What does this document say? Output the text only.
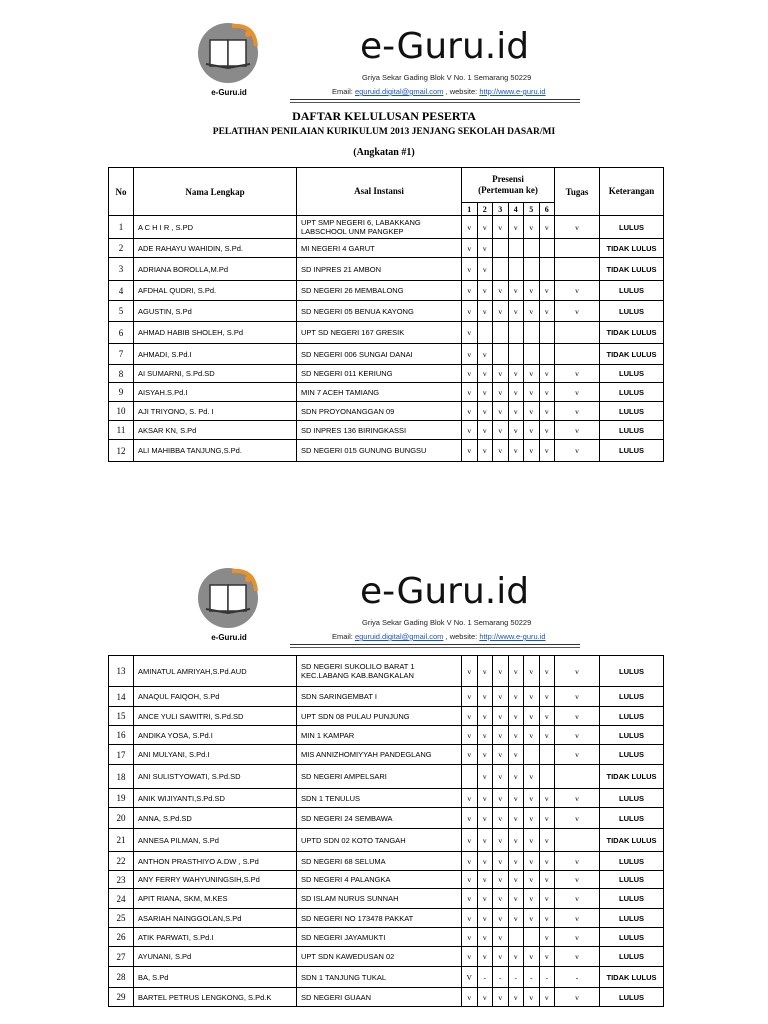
e-Guru.id
e-Guru.id
Griya Sekar Gading Blok V No. 1 Semarang 50229
Email: eguruid.digital@gmail.com , website: http://www.e-guru.id
DAFTAR KELULUSAN PESERTA
PELATIHAN PENILAIAN KURIKULUM 2013 JENJANG SEKOLAH DASAR/MI
(Angkatan #1)
No	Nama Lengkap	Asal Instansi	Presensi
(Pertemuan ke)						Tugas	Keterangan
			1	2	3	4	5	6		
1	A C H I R , S.PD	UPT SMP NEGERI 6, LABAKKANG LABSCHOOL UNM PANGKEP	v	v	v	v	v	v	v	LULUS
2	ADE RAHAYU WAHIDIN, S.Pd.	MI NEGERI 4 GARUT	v	v						TIDAK LULUS
3	ADRIANA BOROLLA,M.Pd	SD INPRES 21 AMBON	v	v						TIDAK LULUS
4	AFDHAL QUDRI, S.Pd.	SD NEGERI 26 MEMBALONG	v	v	v	v	v	v	v	LULUS
5	AGUSTIN, S.Pd	SD NEGERI 05 BENUA KAYONG	v	v	v	v	v	v	v	LULUS
6	AHMAD HABIB SHOLEH, S.Pd	UPT SD NEGERI 167 GRESIK	v							TIDAK LULUS
7	AHMADI, S.Pd.I	SD NEGERI 006 SUNGAI DANAI	v	v						TIDAK LULUS
8	AI SUMARNI, S.Pd.SD	SD NEGERI 011 KERIUNG	v	v	v	v	v	v	v	LULUS
9	AISYAH.S.Pd.I	MIN 7 ACEH TAMIANG	v	v	v	v	v	v	v	LULUS
10	AJI TRIYONO, S. Pd. I	SDN PROYONANGGAN 09	v	v	v	v	v	v	v	LULUS
11	AKSAR KN, S.Pd	SD INPRES 136 BIRINGKASSI	v	v	v	v	v	v	v	LULUS
12	ALI MAHIBBA TANJUNG,S.Pd.	SD NEGERI 015 GUNUNG BUNGSU	v	v	v	v	v	v	v	LULUS
e-Guru.id
e-Guru.id
Griya Sekar Gading Blok V No. 1 Semarang 50229
Email: eguruid.digital@gmail.com , website: http://www.e-guru.id
13	AMINATUL AMRIYAH,S.Pd.AUD	SD NEGERI SUKOLILO BARAT 1 KEC.LABANG KAB.BANGKALAN	v	v	v	v	v	v	v	LULUS
14	ANAQUL FAIQOH, S.Pd	SDN SARINGEMBAT I	v	v	v	v	v	v	v	LULUS
15	ANCE YULI SAWITRI, S.Pd.SD	UPT SDN 08 PULAU PUNJUNG	v	v	v	v	v	v	v	LULUS
16	ANDIKA YOSA, S.Pd.I	MIN 1 KAMPAR	v	v	v	v	v	v	v	LULUS
17	ANI MULYANI, S.Pd.I	MIS ANNIZHOMIYYAH PANDEGLANG	v	v	v	v			v	LULUS
18	ANI SULISTYOWATI, S.Pd.SD	SD NEGERI AMPELSARI		v	v	v	v			TIDAK LULUS
19	ANIK WIJIYANTI,S.Pd.SD	SDN 1 TENULUS	v	v	v	v	v	v	v	LULUS
20	ANNA, S.Pd.SD	SD NEGERI 24 SEMBAWA	v	v	v	v	v	v	v	LULUS
21	ANNESA PILMAN, S.Pd	UPTD SDN 02 KOTO TANGAH	v	v	v	v	v	v		TIDAK LULUS
22	ANTHON PRASTHIYO A.DW , S.Pd	SD NEGERI 68 SELUMA	v	v	v	v	v	v	v	LULUS
23	ANY FERRY WAHYUNINGSIH,S.Pd	SD NEGERI 4 PALANGKA	v	v	v	v	v	v	v	LULUS
24	APIT RIANA, SKM, M.KES	SD ISLAM NURUS SUNNAH	v	v	v	v	v	v	v	LULUS
25	ASARIAH NAINGGOLAN,S.Pd	SD NEGERI NO 173478 PAKKAT	v	v	v	v	v	v	v	LULUS
26	ATIK PARWATI, S.Pd.I	SD NEGERI JAYAMUKTI	v	v	v			v	v	LULUS
27	AYUNANI, S.Pd	UPT SDN KAWEDUSAN 02	v	v	v	v	v	v	v	LULUS
28	BA, S.Pd	SDN 1 TANJUNG TUKAL	V	-	-	-	-	-	-	TIDAK LULUS
29	BARTEL PETRUS LENGKONG, S.Pd.K	SD NEGERI GUAAN	v	v	v	v	v	v	v	LULUS
